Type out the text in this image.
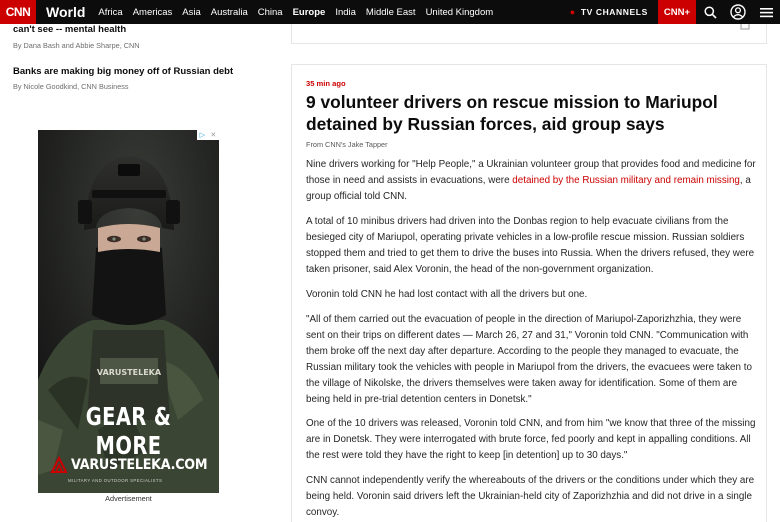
CNN	World Africa Americas Asia Australia China Europe India Middle East United Kingdom	● TV CHANNELS	CNN+
can't see -- mental health
By Dana Bash and Abbie Sharpe, CNN
Banks are making big money off of Russian debt
By Nicole Goodkind, CNN Business
VARUSTELEKA
▷ ✕
GEAR & MORE
VARUSTELEKA.COM
MILITARY AND OUTDOOR SPECIALISTS
Advertisement
35 min ago
9 volunteer drivers on rescue mission to Mariupol detained by Russian forces, aid group says
From CNN's Jake Tapper
Nine drivers working for "Help People," a Ukrainian volunteer group that provides food and medicine for those in need and assists in evacuations, were detained by the Russian military and remain missing, a group official told CNN.
A total of 10 minibus drivers had driven into the Donbas region to help evacuate civilians from the besieged city of Mariupol, operating private vehicles in a low-profile rescue mission. Russian soldiers stopped them and tried to get them to drive the buses into Russia. When the drivers refused, they were taken prisoner, said Alex Voronin, the head of the non-government organization.
Voronin told CNN he had lost contact with all the drivers but one.
"All of them carried out the evacuation of people in the direction of Mariupol-Zaporizhzhia, they were sent on their trips on different dates — March 26, 27 and 31," Voronin told CNN. "Communication with them broke off the next day after departure. According to the people they managed to evacuate, the Russian military took the vehicles with people in Mariupol from the drivers, the evacuees were taken to the village of Nikolske, the drivers themselves were taken away for identification. Some of them are being held in pre-trial detention centers in Donetsk."
One of the 10 drivers was released, Voronin told CNN, and from him "we know that three of the missing are in Donetsk. They were interrogated with brute force, fed poorly and kept in appalling conditions. All the rest were told they have the right to keep [in detention] up to 30 days."
CNN cannot independently verify the whereabouts of the drivers or the conditions under which they are being held. Voronin said drivers left the Ukrainian-held city of Zaporizhzhia and did not drive in a single convoy.
